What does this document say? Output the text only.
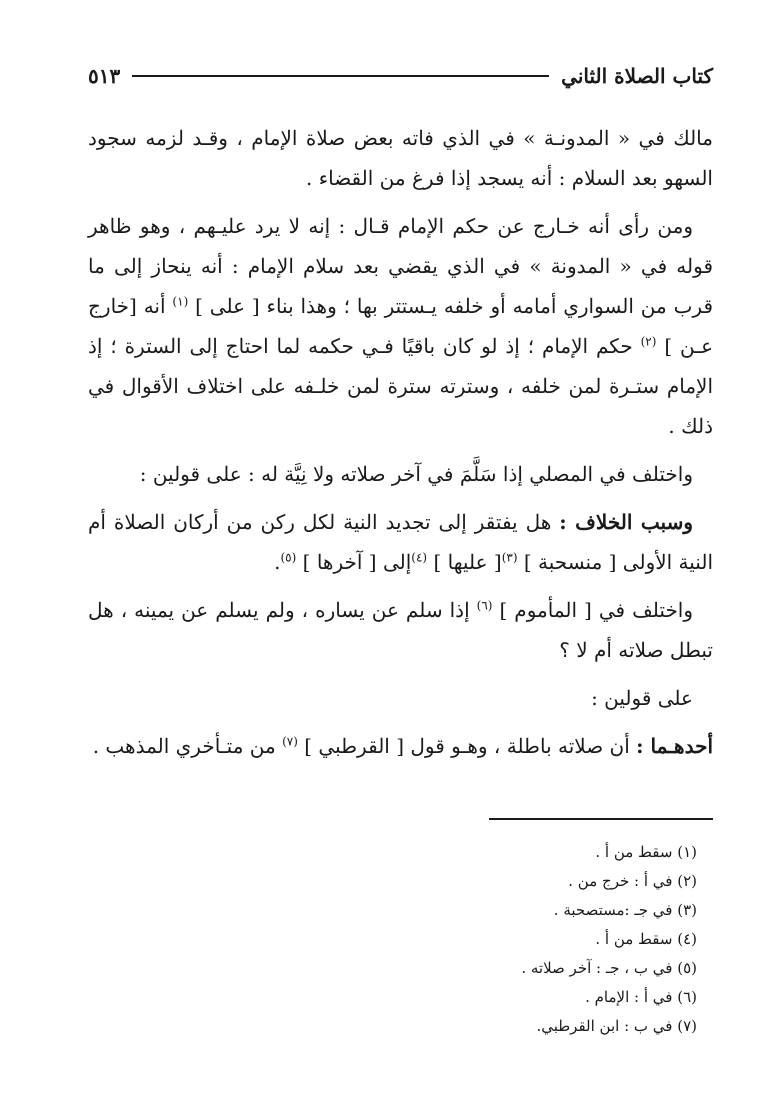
كتاب الصلاة الثاني
٥١٣

مالك في « المدونـة » في الذي فاته بعض صلاة الإمام ، وقـد لزمه سجود السهو بعد السلام : أنه يسجد إذا فرغ من القضاء .

ومن رأى أنه خـارج عن حكم الإمام قـال : إنه لا يرد عليـهم ، وهو ظاهر قوله في « المدونة » في الذي يقضي بعد سلام الإمام : أنه ينحاز إلى ما قرب من السواري أمامه أو خلفه يـستتر بها ؛ وهذا بناء [ على ] $^{(١)}$ أنه [خارج عـن ] $^{(٢)}$ حكم الإمام ؛ إذ لو كان باقيًا فـي حكمه لما احتاج إلى السترة ؛ إذ الإمام ستـرة لمن خلفه ، وسترته سترة لمن خلـفه على اختلاف الأقوال في ذلك .

واختلف في المصلي إذا سَلَّمَ في آخر صلاته ولا نِيَّة له : على قولين :

وسبب الخلاف : هل يفتقر إلى تجديد النية لكل ركن من أركان الصلاة أم النية الأولى [ منسحبة ] $^{(٣)}$[ عليها ] $^{(٤)}$إلى [ آخرها ] $^{(٥)}$.

واختلف في [ المأموم ] $^{(٦)}$ إذا سلم عن يساره ، ولم يسلم عن يمينه ، هل تبطل صلاته أم لا ؟

على قولين :

أحدهـما : أن صلاته باطلة ، وهـو قول [ القرطبي ] $^{(٧)}$ من متـأخري المذهب .

(١) سقط من أ .
(٢) في أ : خرج من .
(٣) في جـ :مستصحبة .
(٤) سقط من أ .
(٥) في ب ، جـ : آخر صلاته .
(٦) في أ : الإمام .
(٧) في ب : ابن القرطبي.
